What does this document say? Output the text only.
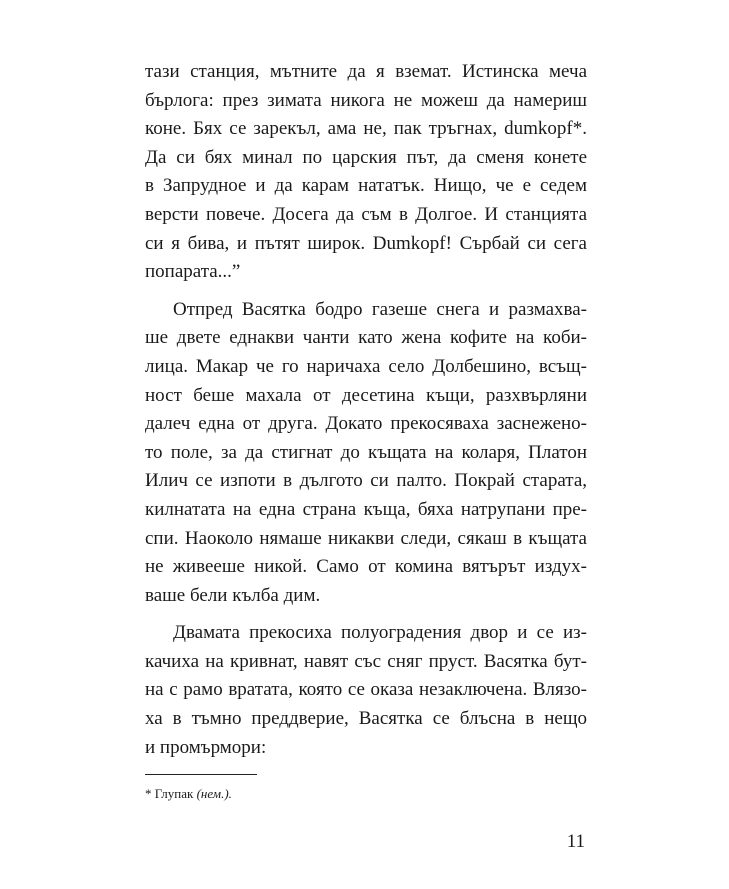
тази станция, мътните да я вземат. Истинска меча
бърлога: през зимата никога не можеш да намериш
коне. Бях се зарекъл, ама не, пак тръгнах, dumkopf*.
Да си бях минал по царския път, да сменя конете
в Запрудное и да карам нататък. Нищо, че е седем
версти повече. Досега да съм в Долгое. И станцията
си я бива, и пътят широк. Dumkopf! Сърбай си сега
попарата...”
Отпред Васятка бодро газеше снега и размахва-
ше двете еднакви чанти като жена кофите на коби-
лица. Макар че го наричаха село Долбешино, всъщ-
ност беше махала от десетина къщи, разхвърляни
далеч една от друга. Докато прекосяваха заснежено-
то поле, за да стигнат до къщата на коларя, Платон
Илич се изпоти в дългото си палто. Покрай старата,
килнатата на една страна къща, бяха натрупани пре-
спи. Наоколо нямаше никакви следи, сякаш в къщата
не живееше никой. Само от комина вятърът издух-
ваше бели кълба дим.
Двамата прекосиха полуоградения двор и се из-
качиха на кривнат, навят със сняг пруст. Васятка бут-
на с рамо вратата, която се оказа незаключена. Влязо-
ха в тъмно преддверие, Васятка се блъсна в нещо
и промърмори:
* Глупак (нем.).
11
